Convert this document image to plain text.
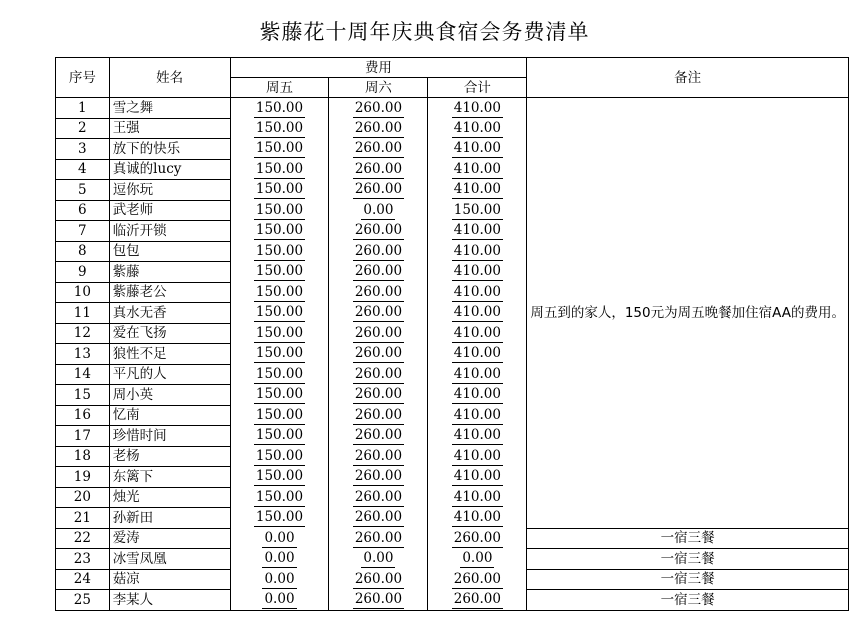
紫藤花十周年庆典食宿会务费清单
序号	姓名	费用			备注
		周五	周六	合计	
1	雪之舞	150.00	260.00	410.00	周五到的家人，150元为周五晚餐加住宿AA的费用。
2	王强	150.00	260.00	410.00	
3	放下的快乐	150.00	260.00	410.00	
4	真诚的lucy	150.00	260.00	410.00	
5	逗你玩	150.00	260.00	410.00	
6	武老师	150.00	0.00	150.00	
7	临沂开锁	150.00	260.00	410.00	
8	包包	150.00	260.00	410.00	
9	紫藤	150.00	260.00	410.00	
10	紫藤老公	150.00	260.00	410.00	
11	真水无香	150.00	260.00	410.00	
12	爱在飞扬	150.00	260.00	410.00	
13	狼性不足	150.00	260.00	410.00	
14	平凡的人	150.00	260.00	410.00	
15	周小英	150.00	260.00	410.00	
16	忆南	150.00	260.00	410.00	
17	珍惜时间	150.00	260.00	410.00	
18	老杨	150.00	260.00	410.00	
19	东篱下	150.00	260.00	410.00	
20	烛光	150.00	260.00	410.00	
21	孙新田	150.00	260.00	410.00	
22	爱涛	0.00	260.00	260.00	一宿三餐
23	冰雪凤凰	0.00	0.00	0.00	一宿三餐
24	菇凉	0.00	260.00	260.00	一宿三餐
25	李某人	0.00	260.00	260.00	一宿三餐
